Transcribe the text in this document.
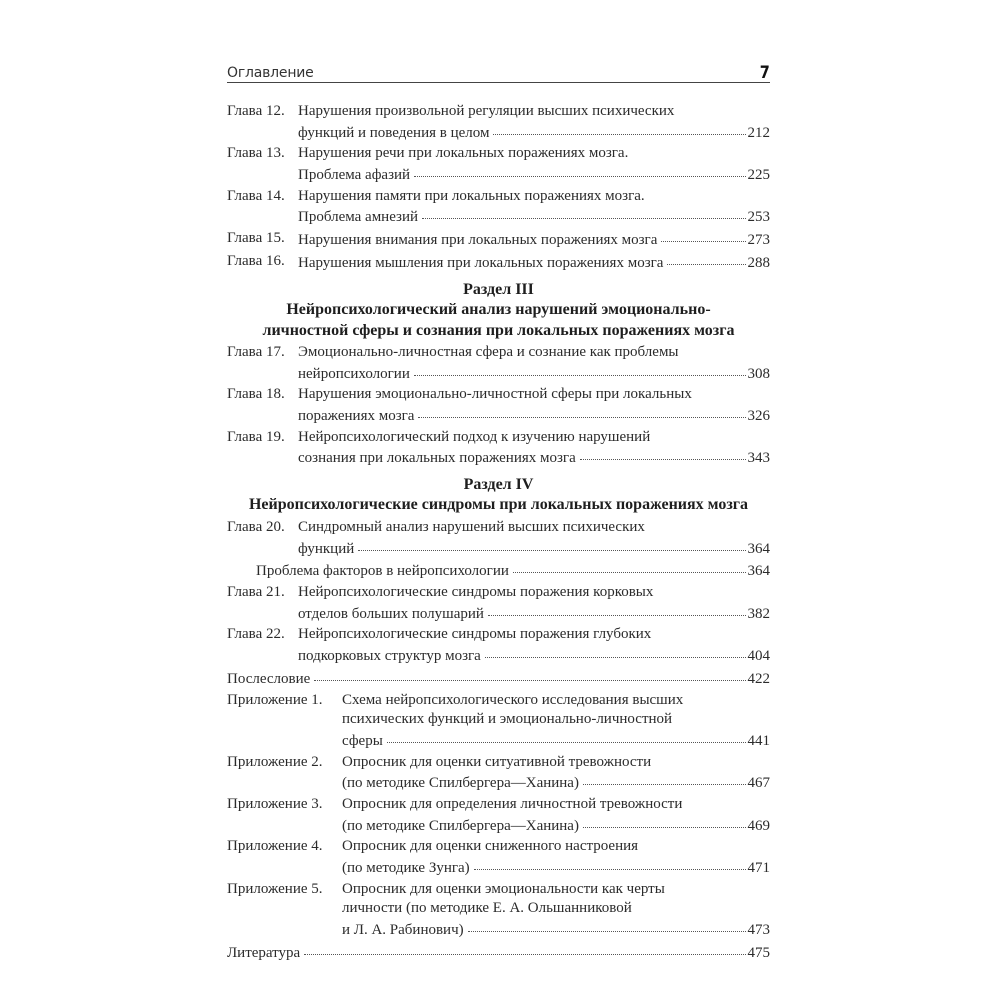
Оглавление	7
Глава 12. Нарушения произвольной регуляции высших психических
функций и поведения в целом	212
Глава 13. Нарушения речи при локальных поражениях мозга.
Проблема афазий	225
Глава 14. Нарушения памяти при локальных поражениях мозга.
Проблема амнезий	253
Глава 15. Нарушения внимания при локальных поражениях мозга	273
Глава 16. Нарушения мышления при локальных поражениях мозга	288
Раздел III
Нейропсихологический анализ нарушений эмоционально-
личностной сферы и сознания при локальных поражениях мозга
Глава 17. Эмоционально-личностная сфера и сознание как проблемы
нейропсихологии	308
Глава 18. Нарушения эмоционально-личностной сферы при локальных
поражениях мозга	326
Глава 19. Нейропсихологический подход к изучению нарушений
сознания при локальных поражениях мозга	343
Раздел IV
Нейропсихологические синдромы при локальных поражениях мозга
Глава 20. Синдромный анализ нарушений высших психических
функций	364
Проблема факторов в нейропсихологии	364
Глава 21. Нейропсихологические синдромы поражения корковых
отделов больших полушарий	382
Глава 22. Нейропсихологические синдромы поражения глубоких
подкорковых структур мозга	404
Послесловие	422
Приложение 1.	Схема нейропсихологического исследования высших
психических функций и эмоционально-личностной
сферы	441
Приложение 2.	Опросник для оценки ситуативной тревожности
(по методике Спилбергера—Ханина)	467
Приложение 3.	Опросник для определения личностной тревожности
(по методике Спилбергера—Ханина)	469
Приложение 4.	Опросник для оценки сниженного настроения
(по методике Зунга)	471
Приложение 5.	Опросник для оценки эмоциональности как черты
личности (по методике Е. А. Ольшанниковой
и Л. А. Рабинович)	473
Литература	475
